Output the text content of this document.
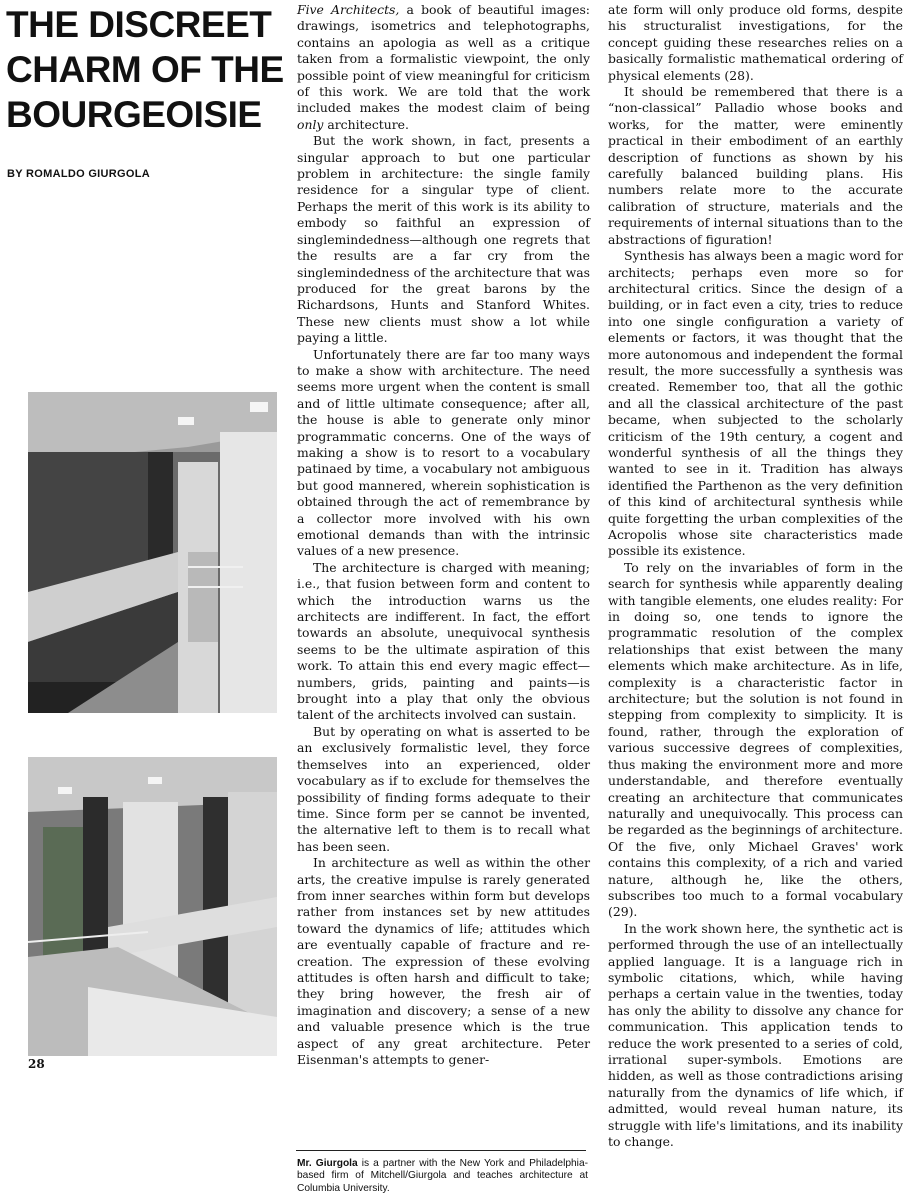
THE DISCREET
CHARM OF THE
BOURGEOISIE
BY ROMALDO GIURGOLA
28

Five Architects, a book of beautiful images: drawings, isometrics and telephotographs, contains an apologia as well as a critique taken from a formalistic viewpoint, the only possible point of view meaningful for criticism of this work. We are told that the work included makes the modest claim of being only architecture.

But the work shown, in fact, presents a singular approach to but one particular problem in architecture: the single family residence for a singular type of client. Perhaps the merit of this work is its ability to embody so faithful an expression of singlemindedness—although one regrets that the results are a far cry from the singlemindedness of the architecture that was produced for the great barons by the Richardsons, Hunts and Stanford Whites. These new clients must show a lot while paying a little.

Unfortunately there are far too many ways to make a show with architecture. The need seems more urgent when the content is small and of little ultimate consequence; after all, the house is able to generate only minor programmatic concerns. One of the ways of making a show is to resort to a vocabulary patinaed by time, a vocabulary not ambiguous but good mannered, wherein sophistication is obtained through the act of remembrance by a collector more involved with his own emotional demands than with the intrinsic values of a new presence.

The architecture is charged with meaning; i.e., that fusion between form and content to which the introduction warns us the architects are indifferent. In fact, the effort towards an absolute, unequivocal synthesis seems to be the ultimate aspiration of this work. To attain this end every magic effect—numbers, grids, painting and paints—is brought into a play that only the obvious talent of the architects involved can sustain.

But by operating on what is asserted to be an exclusively formalistic level, they force themselves into an experienced, older vocabulary as if to exclude for themselves the possibility of finding forms adequate to their time. Since form per se cannot be invented, the alternative left to them is to recall what has been seen.

In architecture as well as within the other arts, the creative impulse is rarely generated from inner searches within form but develops rather from instances set by new attitudes toward the dynamics of life; attitudes which are eventually capable of fracture and re-creation. The expression of these evolving attitudes is often harsh and difficult to take; they bring however, the fresh air of imagination and discovery; a sense of a new and valuable presence which is the true aspect of any great architecture. Peter Eisenman's attempts to gener-

Mr. Giurgola is a partner with the New York and Philadelphia-based firm of Mitchell/Giurgola and teaches architecture at Columbia University.

ate form will only produce old forms, despite his structuralist investigations, for the concept guiding these researches relies on a basically formalistic mathematical ordering of physical elements (28).

It should be remembered that there is a “non-classical” Palladio whose books and works, for the matter, were eminently practical in their embodiment of an earthly description of functions as shown by his carefully balanced building plans. His numbers relate more to the accurate calibration of structure, materials and the requirements of internal situations than to the abstractions of figuration!

Synthesis has always been a magic word for architects; perhaps even more so for architectural critics. Since the design of a building, or in fact even a city, tries to reduce into one single configuration a variety of elements or factors, it was thought that the more autonomous and independent the formal result, the more successfully a synthesis was created. Remember too, that all the gothic and all the classical architecture of the past became, when subjected to the scholarly criticism of the 19th century, a cogent and wonderful synthesis of all the things they wanted to see in it. Tradition has always identified the Parthenon as the very definition of this kind of architectural synthesis while quite forgetting the urban complexities of the Acropolis whose site characteristics made possible its existence.

To rely on the invariables of form in the search for synthesis while apparently dealing with tangible elements, one eludes reality: For in doing so, one tends to ignore the programmatic resolution of the complex relationships that exist between the many elements which make architecture. As in life, complexity is a characteristic factor in architecture; but the solution is not found in stepping from complexity to simplicity. It is found, rather, through the exploration of various successive degrees of complexities, thus making the environment more and more understandable, and therefore eventually creating an architecture that communicates naturally and unequivocally. This process can be regarded as the beginnings of architecture. Of the five, only Michael Graves' work contains this complexity, of a rich and varied nature, although he, like the others, subscribes too much to a formal vocabulary (29).

In the work shown here, the synthetic act is performed through the use of an intellectually applied language. It is a language rich in symbolic citations, which, while having perhaps a certain value in the twenties, today has only the ability to dissolve any chance for communication. This application tends to reduce the work presented to a series of cold, irrational super-symbols. Emotions are hidden, as well as those contradictions arising naturally from the dynamics of life which, if admitted, would reveal human nature, its struggle with life's limitations, and its inability to change.
